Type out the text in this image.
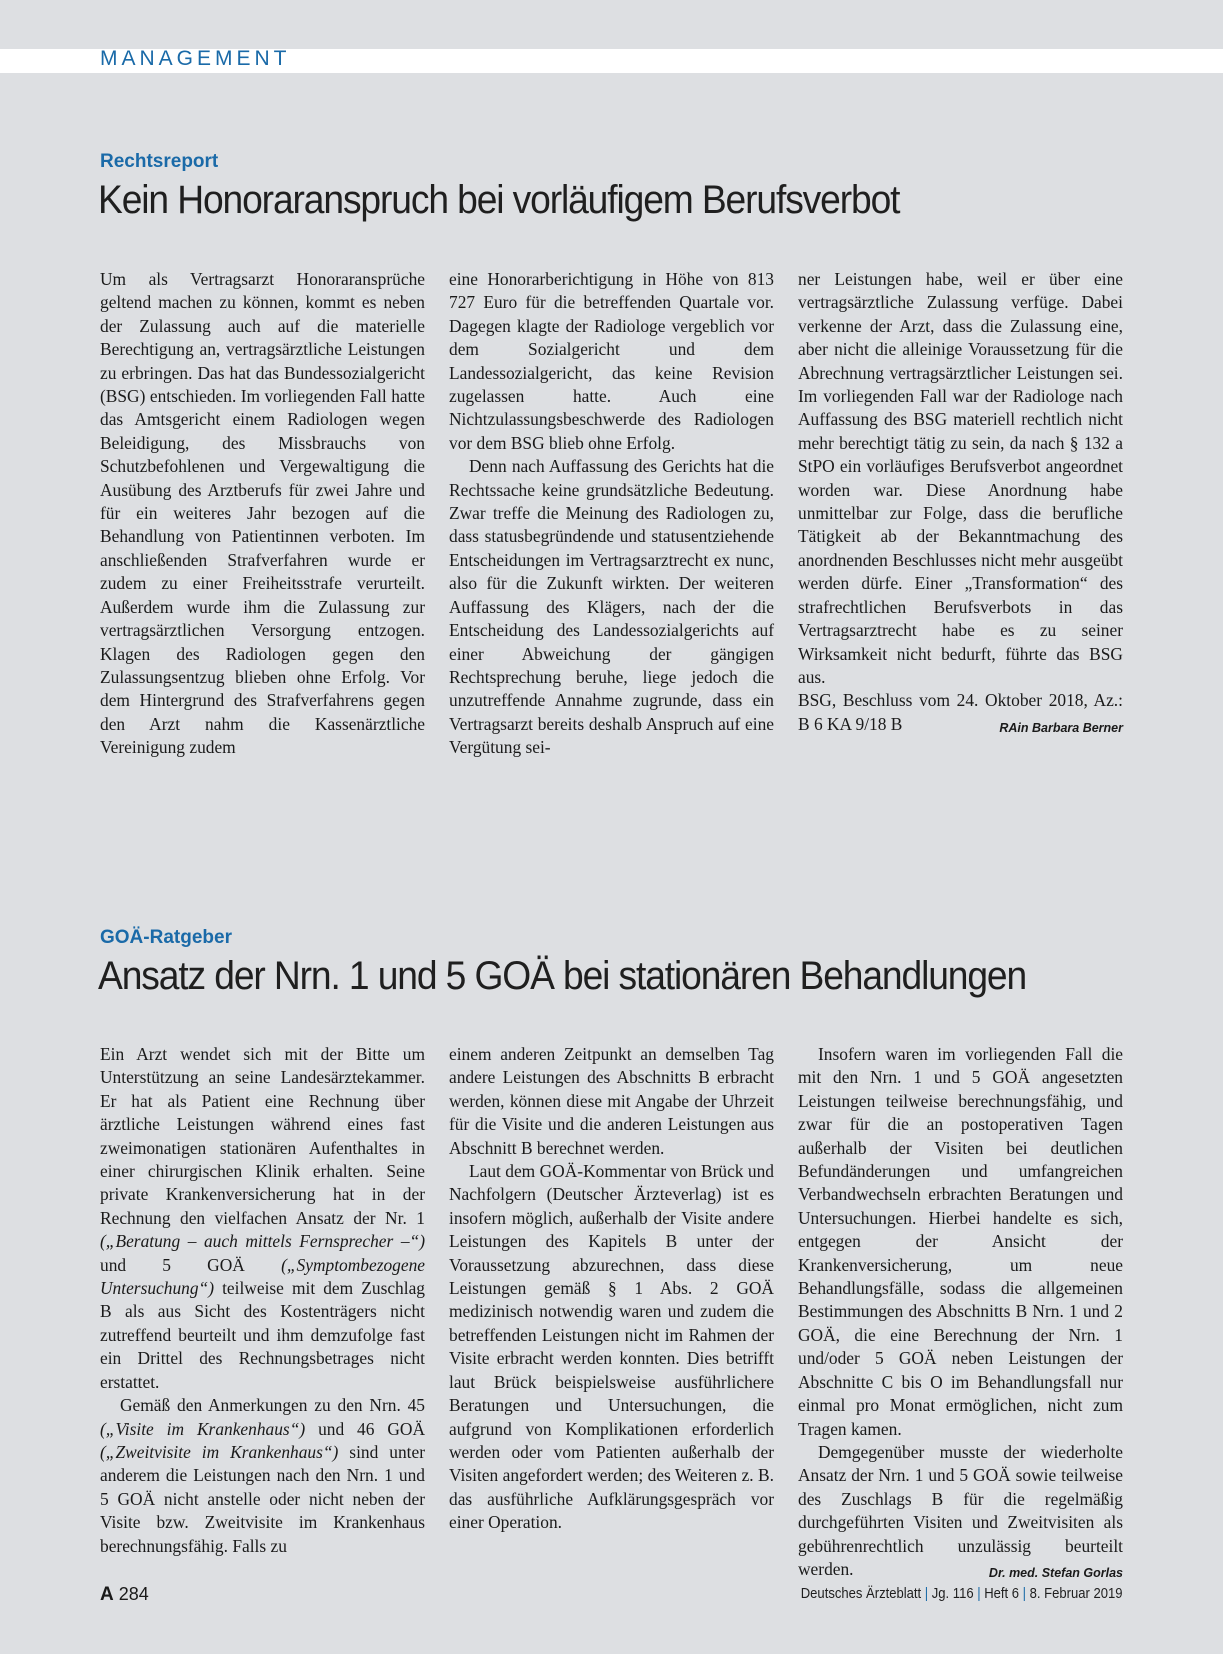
MANAGEMENT
Rechtsreport
Kein Honoraranspruch bei vorläufigem Berufsverbot

Um als Vertragsarzt Honoraransprüche geltend machen zu können, kommt es neben der Zulassung auch auf die materielle Berechtigung an, vertragsärztliche Leistungen zu erbringen. Das hat das Bundessozialgericht (BSG) entschieden. Im vorliegenden Fall hatte das Amtsgericht einem Radiologen wegen Beleidigung, des Missbrauchs von Schutzbefohlenen und Vergewaltigung die Ausübung des Arztberufs für zwei Jahre und für ein weiteres Jahr bezogen auf die Behandlung von Patientinnen verboten. Im anschließenden Strafverfahren wurde er zudem zu einer Freiheitsstrafe verurteilt. Außerdem wurde ihm die Zulassung zur vertragsärztlichen Versorgung entzogen. Klagen des Radiologen gegen den Zulassungsentzug blieben ohne Erfolg. Vor dem Hintergrund des Strafverfahrens gegen den Arzt nahm die Kassenärztliche Vereinigung zudem

eine Honorarberichtigung in Höhe von 813 727 Euro für die betreffenden Quartale vor. Dagegen klagte der Radiologe vergeblich vor dem Sozialgericht und dem Landessozialgericht, das keine Revision zugelassen hatte. Auch eine Nichtzulassungsbeschwerde des Radiologen vor dem BSG blieb ohne Erfolg.

Denn nach Auffassung des Gerichts hat die Rechtssache keine grundsätzliche Bedeutung. Zwar treffe die Meinung des Radiologen zu, dass statusbegründende und statusentziehende Entscheidungen im Vertragsarztrecht ex nunc, also für die Zukunft wirkten. Der weiteren Auffassung des Klägers, nach der die Entscheidung des Landessozialgerichts auf einer Abweichung der gängigen Rechtsprechung beruhe, liege jedoch die unzutreffende Annahme zugrunde, dass ein Vertragsarzt bereits deshalb Anspruch auf eine Vergütung sei-

ner Leistungen habe, weil er über eine vertragsärztliche Zulassung verfüge. Dabei verkenne der Arzt, dass die Zulassung eine, aber nicht die alleinige Voraussetzung für die Abrechnung vertragsärztlicher Leistungen sei. Im vorliegenden Fall war der Radiologe nach Auffassung des BSG materiell rechtlich nicht mehr berechtigt tätig zu sein, da nach § 132 a StPO ein vorläufiges Berufsverbot angeordnet worden war. Diese Anordnung habe unmittelbar zur Folge, dass die berufliche Tätigkeit ab der Bekanntmachung des anordnenden Beschlusses nicht mehr ausgeübt werden dürfe. Einer „Transformation“ des strafrechtlichen Berufsverbots in das Vertragsarztrecht habe es zu seiner Wirksamkeit nicht bedurft, führte das BSG aus.

BSG, Beschluss vom 24. Oktober 2018, Az.: B 6 KA 9/18 B	RAin Barbara Berner

GOÄ-Ratgeber
Ansatz der Nrn. 1 und 5 GOÄ bei stationären Behandlungen

Ein Arzt wendet sich mit der Bitte um Unterstützung an seine Landesärztekammer. Er hat als Patient eine Rechnung über ärztliche Leistungen während eines fast zweimonatigen stationären Aufenthaltes in einer chirurgischen Klinik erhalten. Seine private Krankenversicherung hat in der Rechnung den vielfachen Ansatz der Nr. 1 („Beratung – auch mittels Fernsprecher –“) und 5 GOÄ („Symptombezogene Untersuchung“) teilweise mit dem Zuschlag B als aus Sicht des Kostenträgers nicht zutreffend beurteilt und ihm demzufolge fast ein Drittel des Rechnungsbetrages nicht erstattet.

Gemäß den Anmerkungen zu den Nrn. 45 („Visite im Krankenhaus“) und 46 GOÄ („Zweitvisite im Krankenhaus“) sind unter anderem die Leistungen nach den Nrn. 1 und 5 GOÄ nicht anstelle oder nicht neben der Visite bzw. Zweitvisite im Krankenhaus berechnungsfähig. Falls zu

einem anderen Zeitpunkt an demselben Tag andere Leistungen des Abschnitts B erbracht werden, können diese mit Angabe der Uhrzeit für die Visite und die anderen Leistungen aus Abschnitt B berechnet werden.

Laut dem GOÄ-Kommentar von Brück und Nachfolgern (Deutscher Ärzteverlag) ist es insofern möglich, außerhalb der Visite andere Leistungen des Kapitels B unter der Voraussetzung abzurechnen, dass diese Leistungen gemäß § 1 Abs. 2 GOÄ medizinisch notwendig waren und zudem die betreffenden Leistungen nicht im Rahmen der Visite erbracht werden konnten. Dies betrifft laut Brück beispielsweise ausführlichere Beratungen und Untersuchungen, die aufgrund von Komplikationen erforderlich werden oder vom Patienten außerhalb der Visiten angefordert werden; des Weiteren z. B. das ausführliche Aufklärungsgespräch vor einer Operation.

Insofern waren im vorliegenden Fall die mit den Nrn. 1 und 5 GOÄ angesetzten Leistungen teilweise berechnungsfähig, und zwar für die an postoperativen Tagen außerhalb der Visiten bei deutlichen Befundänderungen und umfangreichen Verbandwechseln erbrachten Beratungen und Untersuchungen. Hierbei handelte es sich, entgegen der Ansicht der Krankenversicherung, um neue Behandlungsfälle, sodass die allgemeinen Bestimmungen des Abschnitts B Nrn. 1 und 2 GOÄ, die eine Berechnung der Nrn. 1 und/oder 5 GOÄ neben Leistungen der Abschnitte C bis O im Behandlungsfall nur einmal pro Monat ermöglichen, nicht zum Tragen kamen.

Demgegenüber musste der wiederholte Ansatz der Nrn. 1 und 5 GOÄ sowie teilweise des Zuschlags B für die regelmäßig durchgeführten Visiten und Zweitvisiten als gebührenrechtlich unzulässig beurteilt werden.	Dr. med. Stefan Gorlas

A 284	Deutsches Ärzteblatt | Jg. 116 | Heft 6 | 8. Februar 2019
